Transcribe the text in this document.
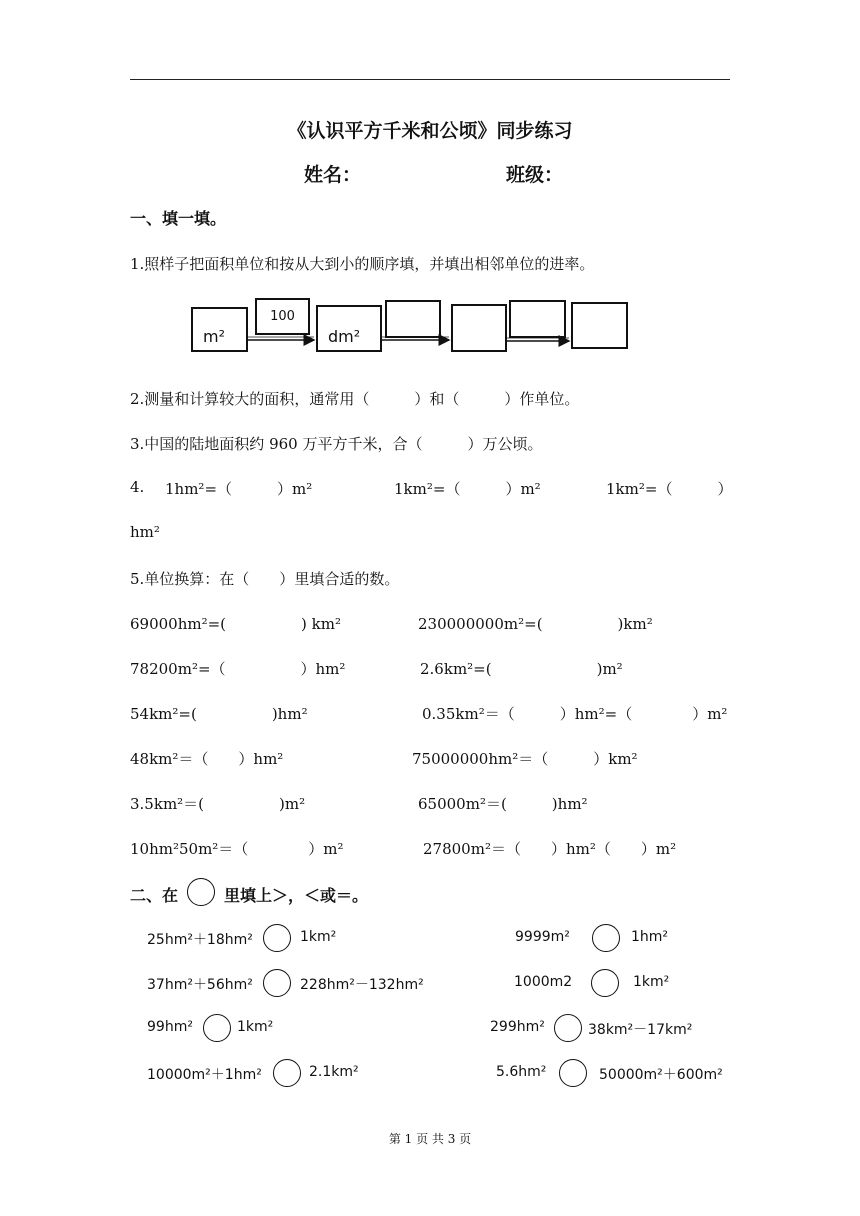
《认识平方千米和公顷》同步练习
姓名：	班级：
一、填一填。
1.照样子把面积单位和按从大到小的顺序填，并填出相邻单位的进率。
m²
100
dm²
2.测量和计算较大的面积，通常用（　　　）和（　　　）作单位。
3.中国的陆地面积约 960 万平方千米，合（　　　）万公顷。
4. 1hm²=（　　　）m²	1km²=（　　　）m²	1km²=（　　　）
hm²
5.单位换算：在（　　）里填合适的数。
69000hm²=(　　　　　) km²	230000000m²=(　　　　　)km²
78200m²=（　　　　　）hm²	2.6km²=(　　　　　　　)m²
54km²=(　　　　　)hm²	0.35km²＝（　　　）hm²=（　　　　）m²
48km²＝（　　）hm²	75000000hm²＝（　　　）km²
3.5km²＝(　　　　　)m²	65000m²＝(　　　)hm²
10hm²50m²＝（　　　　）m²	27800m²＝（　　）hm²（　　）m²
二、在	里填上＞，＜或＝。
25hm²＋18hm²	1km²	9999m²	1hm²
37hm²＋56hm²	228hm²－132hm²	1000m2	1km²
99hm²	1km²	299hm²	38km²－17km²
10000m²＋1hm²	2.1km²	5.6hm²	50000m²＋600m²
第 1 页 共 3 页
